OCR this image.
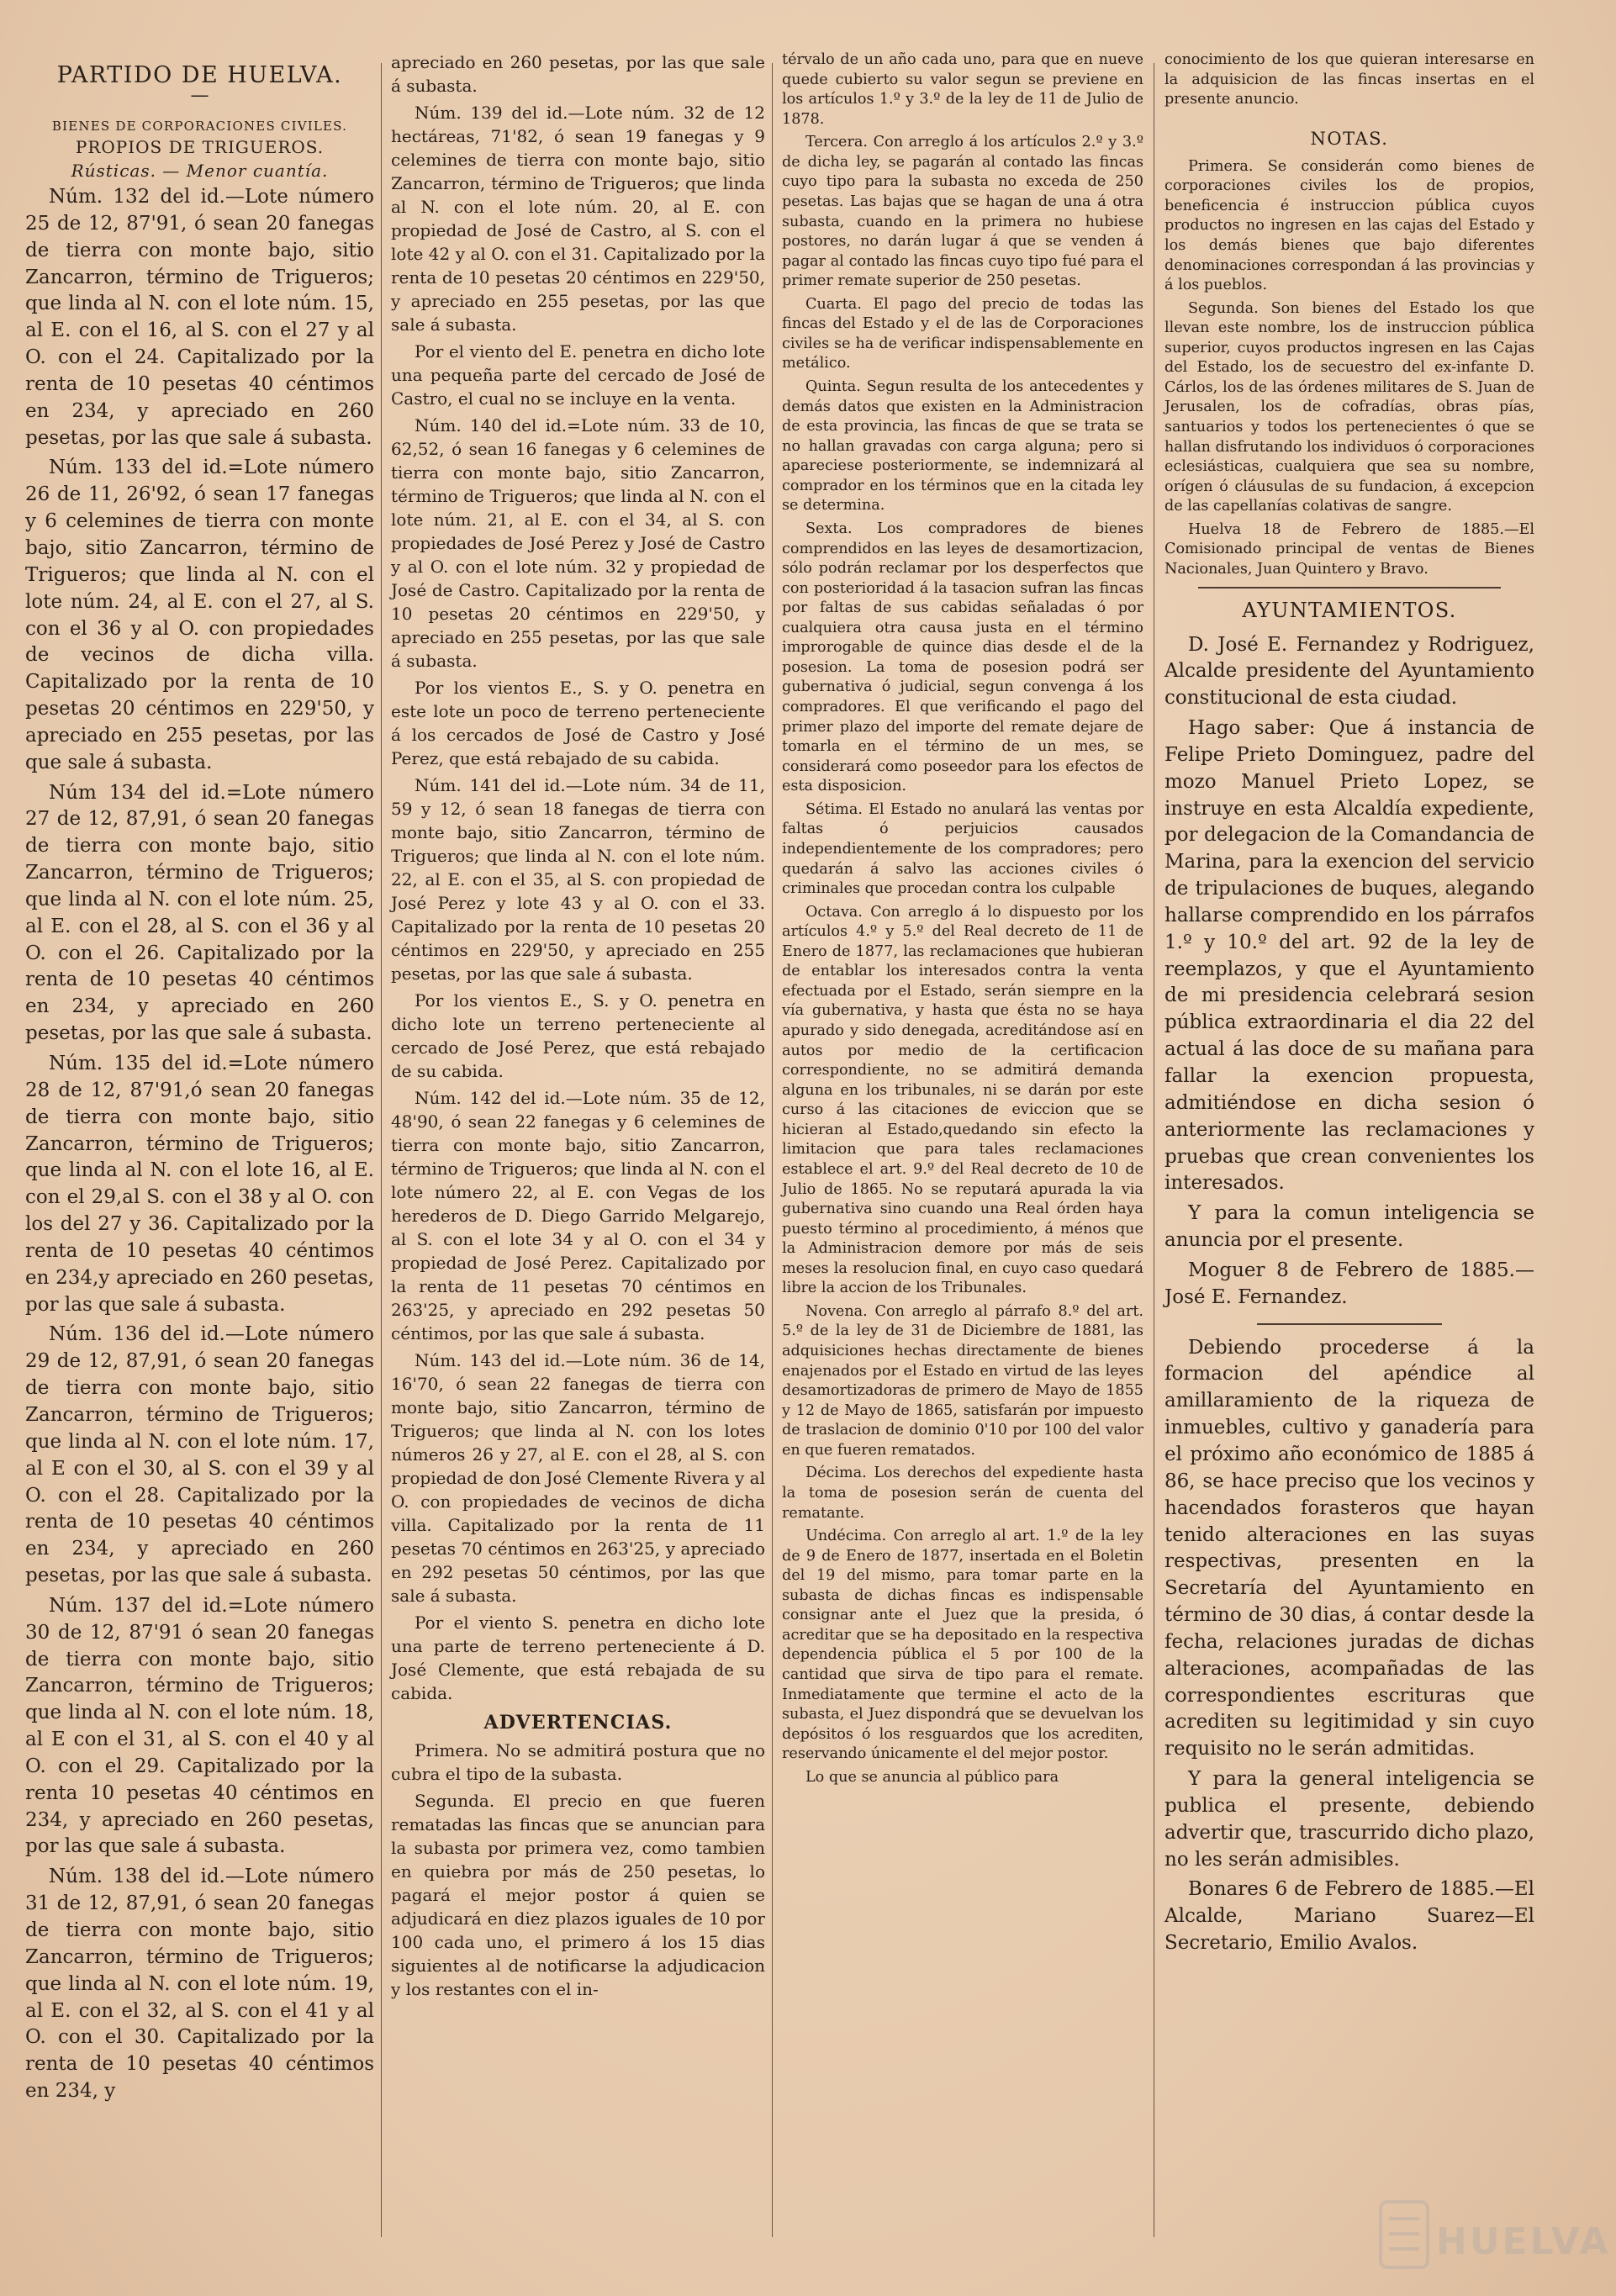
PARTIDO DE HUELVA.
—
BIENES DE CORPORACIONES CIVILES.
PROPIOS DE TRIGUEROS.
Rústicas. — Menor cuantía.

Núm. 132 del id.—Lote número 25 de 12, 87'91, ó sean 20 fanegas de tierra con monte bajo, sitio Zancarron, término de Trigueros; que linda al N. con el lote núm. 15, al E. con el 16, al S. con el 27 y al O. con el 24. Capitalizado por la renta de 10 pesetas 40 céntimos en 234, y apreciado en 260 pesetas, por las que sale á subasta.

Núm. 133 del id.=Lote número 26 de 11, 26'92, ó sean 17 fanegas y 6 celemines de tierra con monte bajo, sitio Zancarron, término de Trigueros; que linda al N. con el lote núm. 24, al E. con el 27, al S. con el 36 y al O. con propiedades de vecinos de dicha villa. Capitalizado por la renta de 10 pesetas 20 céntimos en 229'50, y apreciado en 255 pesetas, por las que sale á subasta.

Núm 134 del id.=Lote número 27 de 12, 87,91, ó sean 20 fanegas de tierra con monte bajo, sitio Zancarron, término de Trigueros; que linda al N. con el lote núm. 25, al E. con el 28, al S. con el 36 y al O. con el 26. Capitalizado por la renta de 10 pesetas 40 céntimos en 234, y apreciado en 260 pesetas, por las que sale á subasta.

Núm. 135 del id.=Lote número 28 de 12, 87'91,ó sean 20 fanegas de tierra con monte bajo, sitio Zancarron, término de Trigueros; que linda al N. con el lote 16, al E. con el 29,al S. con el 38 y al O. con los del 27 y 36. Capitalizado por la renta de 10 pesetas 40 céntimos en 234,y apreciado en 260 pesetas, por las que sale á subasta.

Núm. 136 del id.—Lote número 29 de 12, 87,91, ó sean 20 fanegas de tierra con monte bajo, sitio Zancarron, término de Trigueros; que linda al N. con el lote núm. 17, al E con el 30, al S. con el 39 y al O. con el 28. Capitalizado por la renta de 10 pesetas 40 céntimos en 234, y apreciado en 260 pesetas, por las que sale á subasta.

Núm. 137 del id.=Lote número 30 de 12, 87'91 ó sean 20 fanegas de tierra con monte bajo, sitio Zancarron, término de Trigueros; que linda al N. con el lote núm. 18, al E con el 31, al S. con el 40 y al O. con el 29. Capitalizado por la renta 10 pesetas 40 céntimos en 234, y apreciado en 260 pesetas, por las que sale á subasta.

Núm. 138 del id.—Lote número 31 de 12, 87,91, ó sean 20 fanegas de tierra con monte bajo, sitio Zancarron, término de Trigueros; que linda al N. con el lote núm. 19, al E. con el 32, al S. con el 41 y al O. con el 30. Capitalizado por la renta de 10 pesetas 40 céntimos en 234, y

apreciado en 260 pesetas, por las que sale á subasta.

Núm. 139 del id.—Lote núm. 32 de 12 hectáreas, 71'82, ó sean 19 fanegas y 9 celemines de tierra con monte bajo, sitio Zancarron, término de Trigueros; que linda al N. con el lote núm. 20, al E. con propiedad de José de Castro, al S. con el lote 42 y al O. con el 31. Capitalizado por la renta de 10 pesetas 20 céntimos en 229'50, y apreciado en 255 pesetas, por las que sale á subasta.

Por el viento del E. penetra en dicho lote una pequeña parte del cercado de José de Castro, el cual no se incluye en la venta.

Núm. 140 del id.=Lote núm. 33 de 10, 62,52, ó sean 16 fanegas y 6 celemines de tierra con monte bajo, sitio Zancarron, término de Trigueros; que linda al N. con el lote núm. 21, al E. con el 34, al S. con propiedades de José Perez y José de Castro y al O. con el lote núm. 32 y propiedad de José de Castro. Capitalizado por la renta de 10 pesetas 20 céntimos en 229'50, y apreciado en 255 pesetas, por las que sale á subasta.

Por los vientos E., S. y O. penetra en este lote un poco de terreno perteneciente á los cercados de José de Castro y José Perez, que está rebajado de su cabida.

Núm. 141 del id.—Lote núm. 34 de 11, 59 y 12, ó sean 18 fanegas de tierra con monte bajo, sitio Zancarron, término de Trigueros; que linda al N. con el lote núm. 22, al E. con el 35, al S. con propiedad de José Perez y lote 43 y al O. con el 33. Capitalizado por la renta de 10 pesetas 20 céntimos en 229'50, y apreciado en 255 pesetas, por las que sale á subasta.

Por los vientos E., S. y O. penetra en dicho lote un terreno perteneciente al cercado de José Perez, que está rebajado de su cabida.

Núm. 142 del id.—Lote núm. 35 de 12, 48'90, ó sean 22 fanegas y 6 celemines de tierra con monte bajo, sitio Zancarron, término de Trigueros; que linda al N. con el lote número 22, al E. con Vegas de los herederos de D. Diego Garrido Melgarejo, al S. con el lote 34 y al O. con el 34 y propiedad de José Perez. Capitalizado por la renta de 11 pesetas 70 céntimos en 263'25, y apreciado en 292 pesetas 50 céntimos, por las que sale á subasta.

Núm. 143 del id.—Lote núm. 36 de 14, 16'70, ó sean 22 fanegas de tierra con monte bajo, sitio Zancarron, término de Trigueros; que linda al N. con los lotes números 26 y 27, al E. con el 28, al S. con propiedad de don José Clemente Rivera y al O. con propiedades de vecinos de dicha villa. Capitalizado por la renta de 11 pesetas 70 céntimos en 263'25, y apreciado en 292 pesetas 50 céntimos, por las que sale á subasta.

Por el viento S. penetra en dicho lote una parte de terreno perteneciente á D. José Clemente, que está rebajada de su cabida.

ADVERTENCIAS.

Primera. No se admitirá postura que no cubra el tipo de la subasta.

Segunda. El precio en que fueren rematadas las fincas que se anuncian para la subasta por primera vez, como tambien en quiebra por más de 250 pesetas, lo pagará el mejor postor á quien se adjudicará en diez plazos iguales de 10 por 100 cada uno, el primero á los 15 dias siguientes al de notificarse la adjudicacion y los restantes con el in-

térvalo de un año cada uno, para que en nueve quede cubierto su valor segun se previene en los artículos 1.º y 3.º de la ley de 11 de Julio de 1878.

Tercera. Con arreglo á los artículos 2.º y 3.º de dicha ley, se pagarán al contado las fincas cuyo tipo para la subasta no exceda de 250 pesetas. Las bajas que se hagan de una á otra subasta, cuando en la primera no hubiese postores, no darán lugar á que se venden á pagar al contado las fincas cuyo tipo fué para el primer remate superior de 250 pesetas.

Cuarta. El pago del precio de todas las fincas del Estado y el de las de Corporaciones civiles se ha de verificar indispensablemente en metálico.

Quinta. Segun resulta de los antecedentes y demás datos que existen en la Administracion de esta provincia, las fincas de que se trata se no hallan gravadas con carga alguna; pero si apareciese posteriormente, se indemnizará al comprador en los términos que en la citada ley se determina.

Sexta. Los compradores de bienes comprendidos en las leyes de desamortizacion, sólo podrán reclamar por los desperfectos que con posterioridad á la tasacion sufran las fincas por faltas de sus cabidas señaladas ó por cualquiera otra causa justa en el término improrogable de quince dias desde el de la posesion. La toma de posesion podrá ser gubernativa ó judicial, segun convenga á los compradores. El que verificando el pago del primer plazo del importe del remate dejare de tomarla en el término de un mes, se considerará como poseedor para los efectos de esta disposicion.

Sétima. El Estado no anulará las ventas por faltas ó perjuicios causados independientemente de los compradores; pero quedarán á salvo las acciones civiles ó criminales que procedan contra los culpable

Octava. Con arreglo á lo dispuesto por los artículos 4.º y 5.º del Real decreto de 11 de Enero de 1877, las reclamaciones que hubieran de entablar los interesados contra la venta efectuada por el Estado, serán siempre en la vía gubernativa, y hasta que ésta no se haya apurado y sido denegada, acreditándose así en autos por medio de la certificacion correspondiente, no se admitirá demanda alguna en los tribunales, ni se darán por este curso á las citaciones de eviccion que se hicieran al Estado,quedando sin efecto la limitacion que para tales reclamaciones establece el art. 9.º del Real decreto de 10 de Julio de 1865. No se reputará apurada la via gubernativa sino cuando una Real órden haya puesto término al procedimiento, á ménos que la Administracion demore por más de seis meses la resolucion final, en cuyo caso quedará libre la accion de los Tribunales.

Novena. Con arreglo al párrafo 8.º del art. 5.º de la ley de 31 de Diciembre de 1881, las adquisiciones hechas directamente de bienes enajenados por el Estado en virtud de las leyes desamortizadoras de primero de Mayo de 1855 y 12 de Mayo de 1865, satisfarán por impuesto de traslacion de dominio 0'10 por 100 del valor en que fueren rematados.

Décima. Los derechos del expediente hasta la toma de posesion serán de cuenta del rematante.

Undécima. Con arreglo al art. 1.º de la ley de 9 de Enero de 1877, insertada en el Boletin del 19 del mismo, para tomar parte en la subasta de dichas fincas es indispensable consignar ante el Juez que la presida, ó acreditar que se ha depositado en la respectiva dependencia pública el 5 por 100 de la cantidad que sirva de tipo para el remate. Inmediatamente que termine el acto de la subasta, el Juez dispondrá que se devuelvan los depósitos ó los resguardos que los acrediten, reservando únicamente el del mejor postor.

Lo que se anuncia al público para

conocimiento de los que quieran interesarse en la adquisicion de las fincas insertas en el presente anuncio.

NOTAS.

Primera. Se considerán como bienes de corporaciones civiles los de propios, beneficencia é instruccion pública cuyos productos no ingresen en las cajas del Estado y los demás bienes que bajo diferentes denominaciones correspondan á las provincias y á los pueblos.

Segunda. Son bienes del Estado los que llevan este nombre, los de instruccion pública superior, cuyos productos ingresen en las Cajas del Estado, los de secuestro del ex-infante D. Cárlos, los de las órdenes militares de S. Juan de Jerusalen, los de cofradías, obras pías, santuarios y todos los pertenecientes ó que se hallan disfrutando los individuos ó corporaciones eclesiásticas, cualquiera que sea su nombre, orígen ó cláusulas de su fundacion, á excepcion de las capellanías colativas de sangre.

Huelva 18 de Febrero de 1885.—El Comisionado principal de ventas de Bienes Nacionales, Juan Quintero y Bravo.

AYUNTAMIENTOS.

D. José E. Fernandez y Rodriguez, Alcalde presidente del Ayuntamiento constitucional de esta ciudad.

Hago saber: Que á instancia de Felipe Prieto Dominguez, padre del mozo Manuel Prieto Lopez, se instruye en esta Alcaldía expediente, por delegacion de la Comandancia de Marina, para la exencion del servicio de tripulaciones de buques, alegando hallarse comprendido en los párrafos 1.º y 10.º del art. 92 de la ley de reemplazos, y que el Ayuntamiento de mi presidencia celebrará sesion pública extraordinaria el dia 22 del actual á las doce de su mañana para fallar la exencion propuesta, admitiéndose en dicha sesion ó anteriormente las reclamaciones y pruebas que crean convenientes los interesados.

Y para la comun inteligencia se anuncia por el presente.

Moguer 8 de Febrero de 1885.—José E. Fernandez.

Debiendo procederse á la formacion del apéndice al amillaramiento de la riqueza de inmuebles, cultivo y ganadería para el próximo año económico de 1885 á 86, se hace preciso que los vecinos y hacendados forasteros que hayan tenido alteraciones en las suyas respectivas, presenten en la Secretaría del Ayuntamiento en término de 30 dias, á contar desde la fecha, relaciones juradas de dichas alteraciones, acompañadas de las correspondientes escrituras que acrediten su legitimidad y sin cuyo requisito no le serán admitidas.

Y para la general inteligencia se publica el presente, debiendo advertir que, trascurrido dicho plazo, no les serán admisibles.

Bonares 6 de Febrero de 1885.—El Alcalde, Mariano Suarez—El Secretario, Emilio Avalos.

HUELVA
